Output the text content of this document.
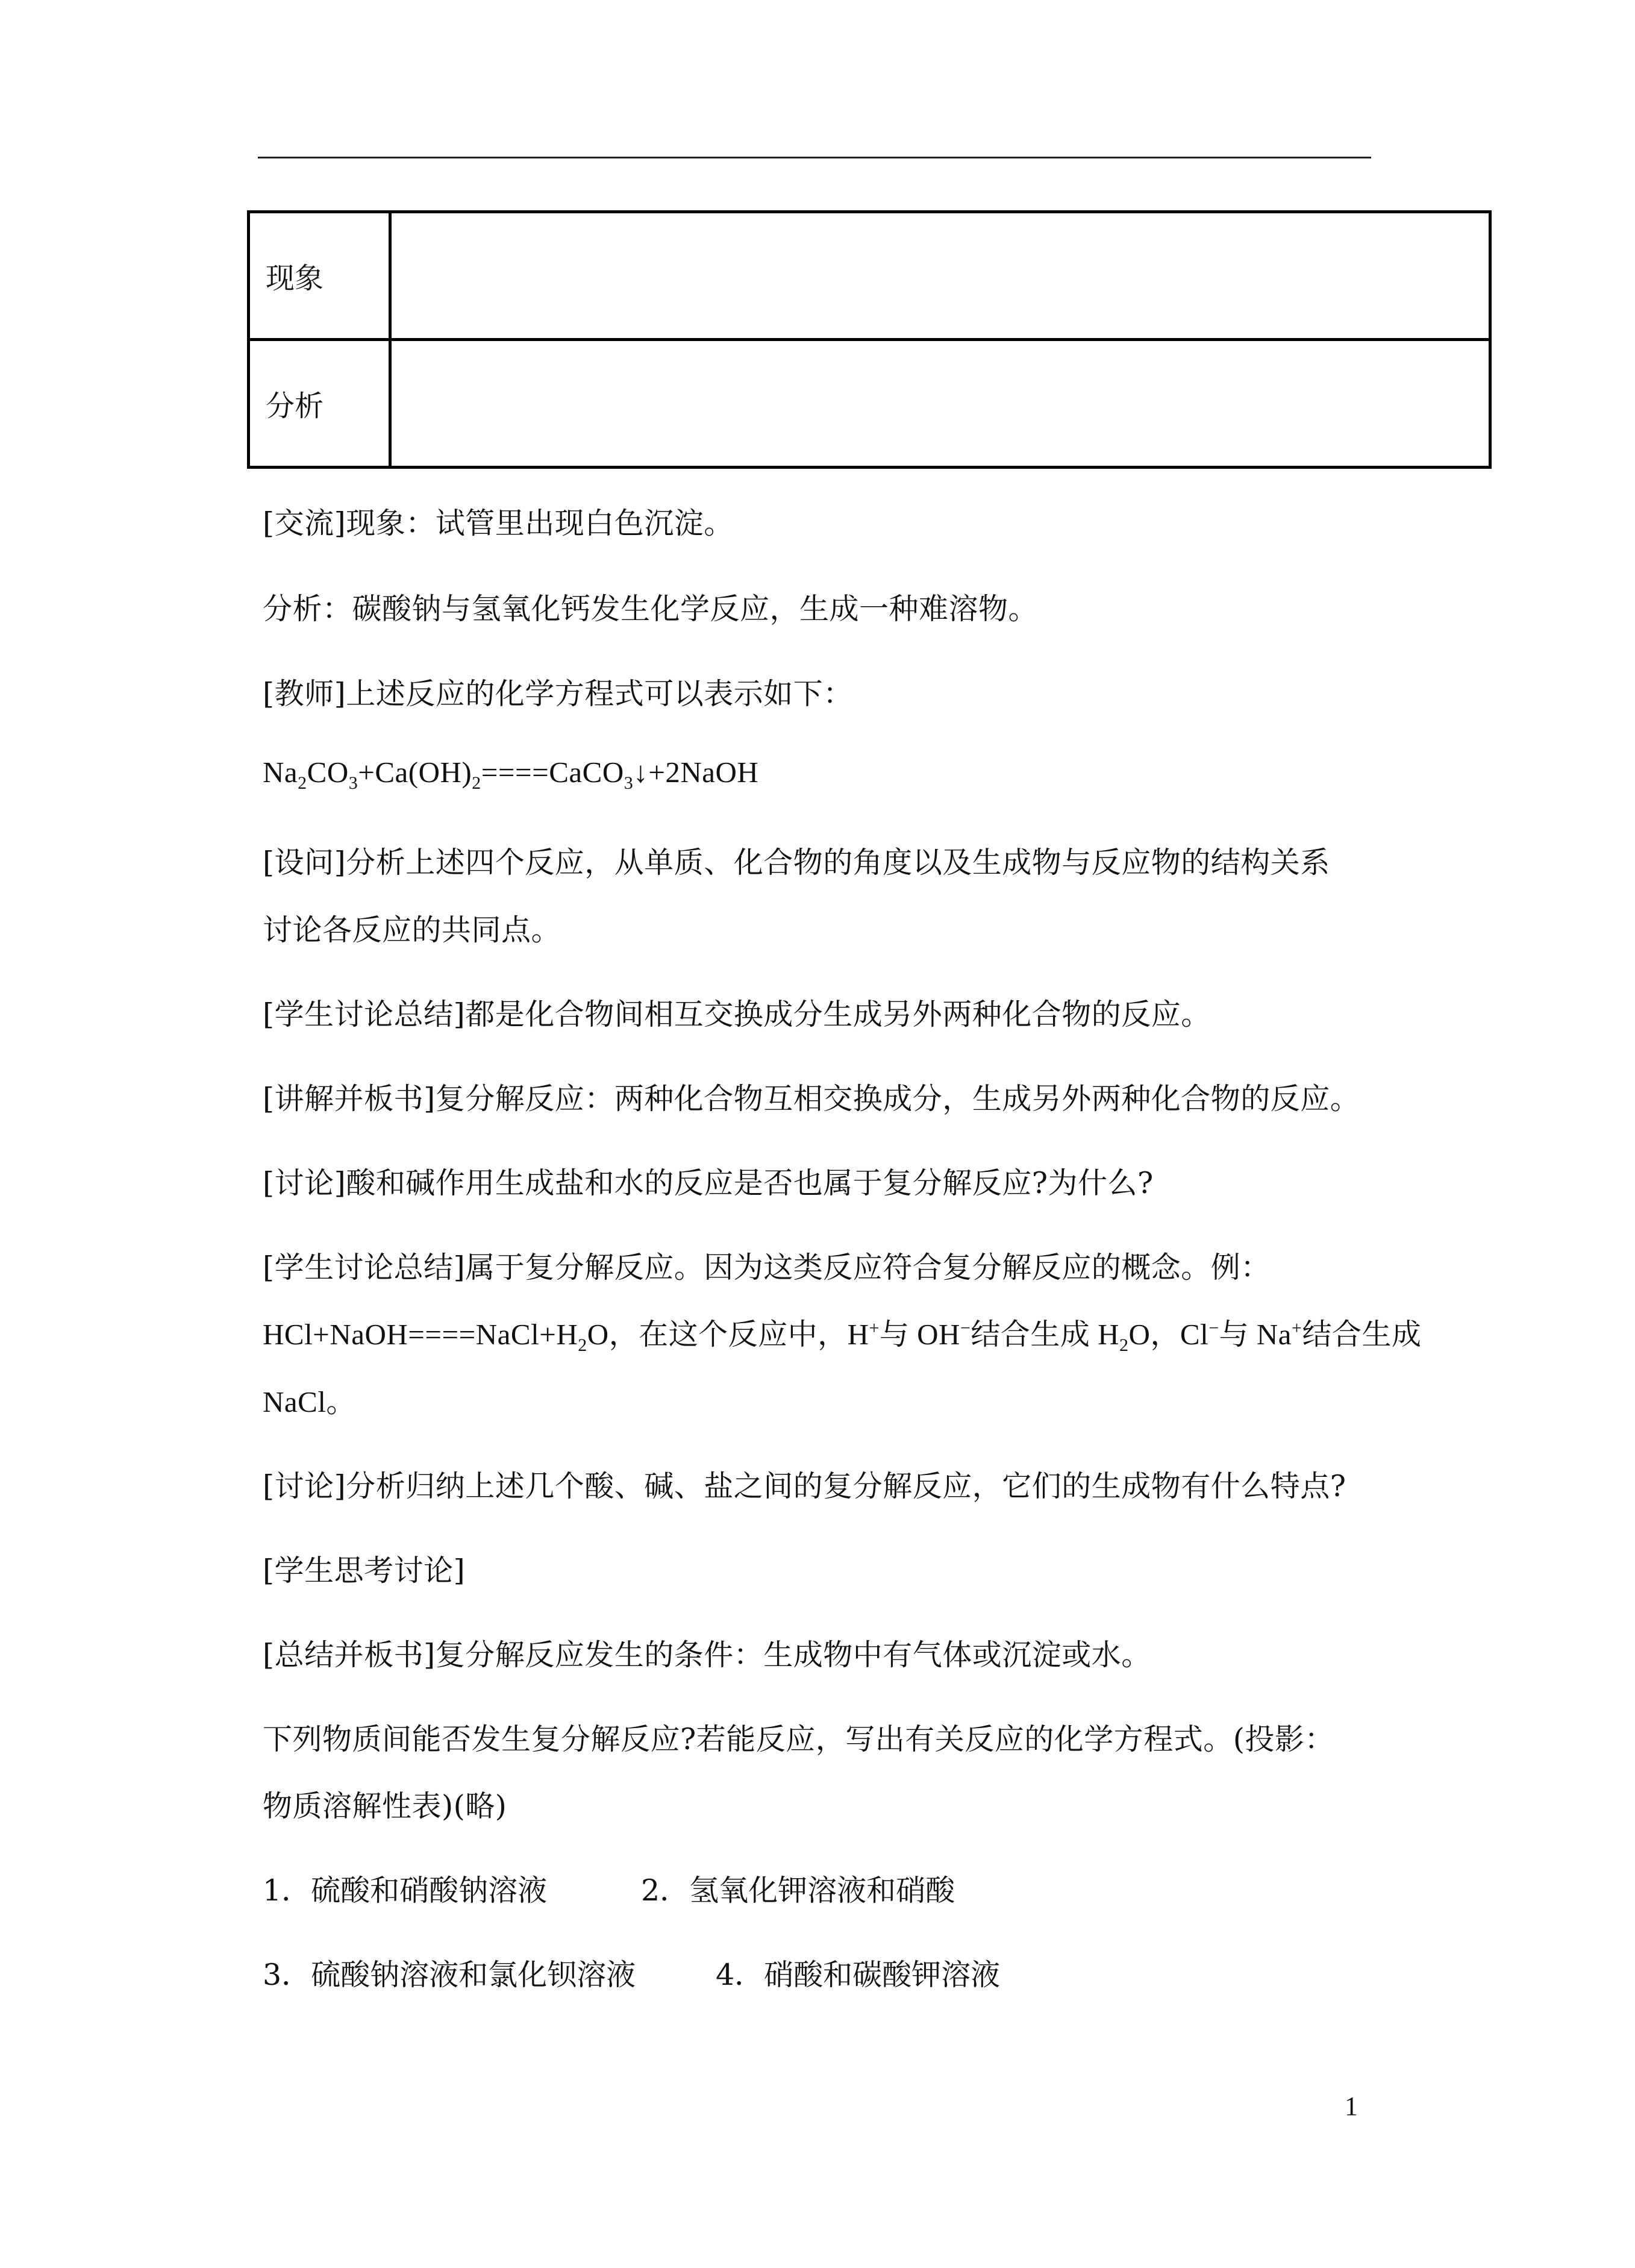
现象	
分析	
[交流]现象：试管里出现白色沉淀。
分析：碳酸钠与氢氧化钙发生化学反应，生成一种难溶物。
[教师]上述反应的化学方程式可以表示如下：
$Na_2CO_3+Ca(OH)_2====CaCO_3↓+2NaOH$
[设问]分析上述四个反应，从单质、化合物的角度以及生成物与反应物的结构关系
讨论各反应的共同点。
[学生讨论总结]都是化合物间相互交换成分生成另外两种化合物的反应。
[讲解并板书]复分解反应：两种化合物互相交换成分，生成另外两种化合物的反应。
[讨论]酸和碱作用生成盐和水的反应是否也属于复分解反应?为什么?
[学生讨论总结]属于复分解反应。因为这类反应符合复分解反应的概念。例：
$HCl+NaOH====NaCl+H_2O$，在这个反应中，H+与 OH−结合生成 $H_2O$，Cl−与 Na+结合生成
NaCl。
[讨论]分析归纳上述几个酸、碱、盐之间的复分解反应，它们的生成物有什么特点?
[学生思考讨论]
[总结并板书]复分解反应发生的条件：生成物中有气体或沉淀或水。
下列物质间能否发生复分解反应?若能反应，写出有关反应的化学方程式。(投影：
物质溶解性表)(略)
1．硫酸和硝酸钠溶液	2．氢氧化钾溶液和硝酸
3．硫酸钠溶液和氯化钡溶液	4．硝酸和碳酸钾溶液
1
